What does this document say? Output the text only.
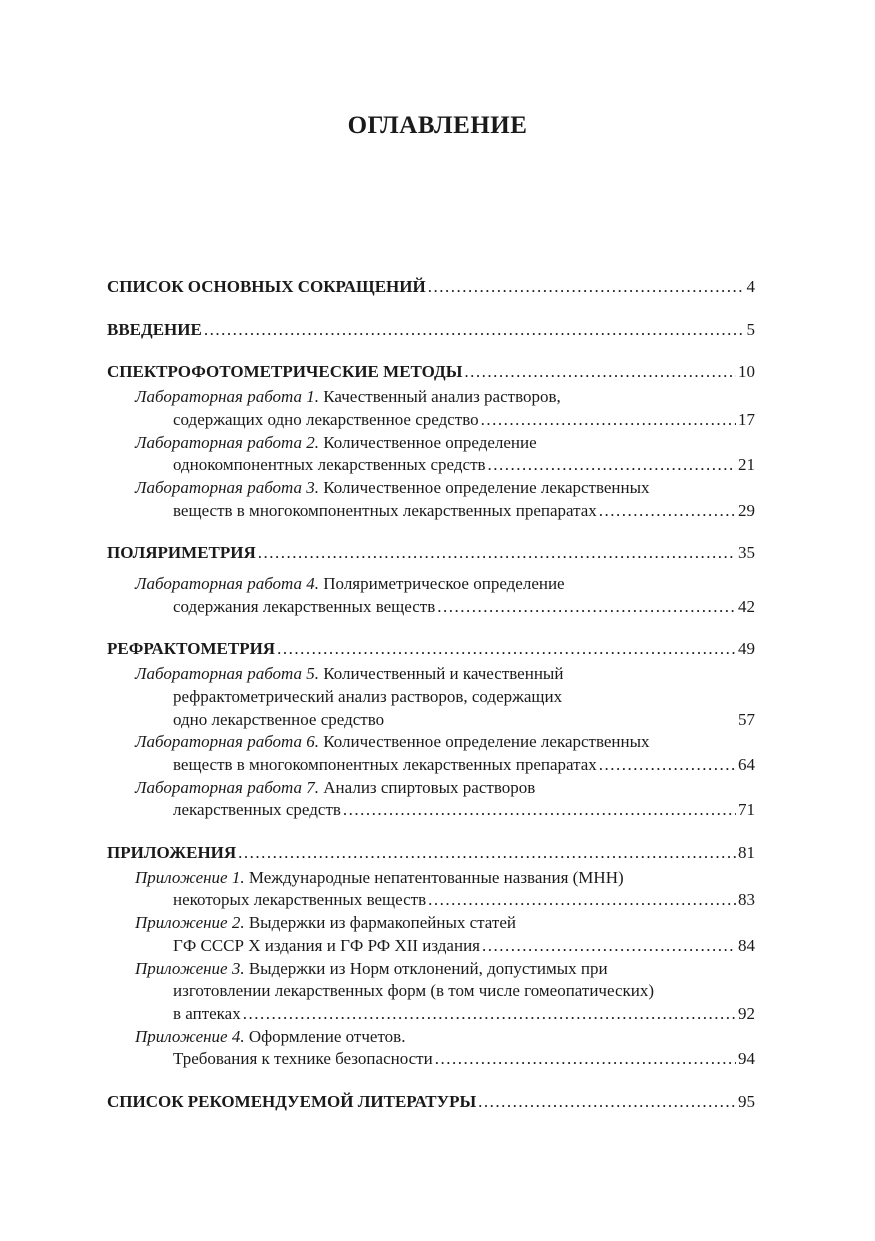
ОГЛАВЛЕНИЕ
СПИСОК ОСНОВНЫХ СОКРАЩЕНИЙ .....	4
ВВЕДЕНИЕ .....	5
СПЕКТРОФОТОМЕТРИЧЕСКИЕ МЕТОДЫ .....	10
Лабораторная работа 1. Качественный анализ растворов,
содержащих одно лекарственное средство .....	17
Лабораторная работа 2. Количественное определение
однокомпонентных лекарственных средств .....	21
Лабораторная работа 3. Количественное определение лекарственных
веществ в многокомпонентных лекарственных препаратах .....	29
ПОЛЯРИМЕТРИЯ .....	35
Лабораторная работа 4. Поляриметрическое определение
содержания лекарственных веществ .....	42
РЕФРАКТОМЕТРИЯ .....	49
Лабораторная работа 5. Количественный и качественный
рефрактометрический анализ растворов, содержащих
одно лекарственное средство	57
Лабораторная работа 6. Количественное определение лекарственных
веществ в многокомпонентных лекарственных препаратах .....	64
Лабораторная работа 7. Анализ спиртовых растворов
лекарственных средств .....	71
ПРИЛОЖЕНИЯ .....	81
Приложение 1. Международные непатентованные названия (МНН)
некоторых лекарственных веществ .....	83
Приложение 2. Выдержки из фармакопейных статей
ГФ СССР X издания и ГФ РФ XII издания .....	84
Приложение 3. Выдержки из Норм отклонений, допустимых при
изготовлении лекарственных форм (в том числе гомеопатических)
в аптеках .....	92
Приложение 4. Оформление отчетов.
Требования к технике безопасности .....	94
СПИСОК РЕКОМЕНДУЕМОЙ ЛИТЕРАТУРЫ .....	95
